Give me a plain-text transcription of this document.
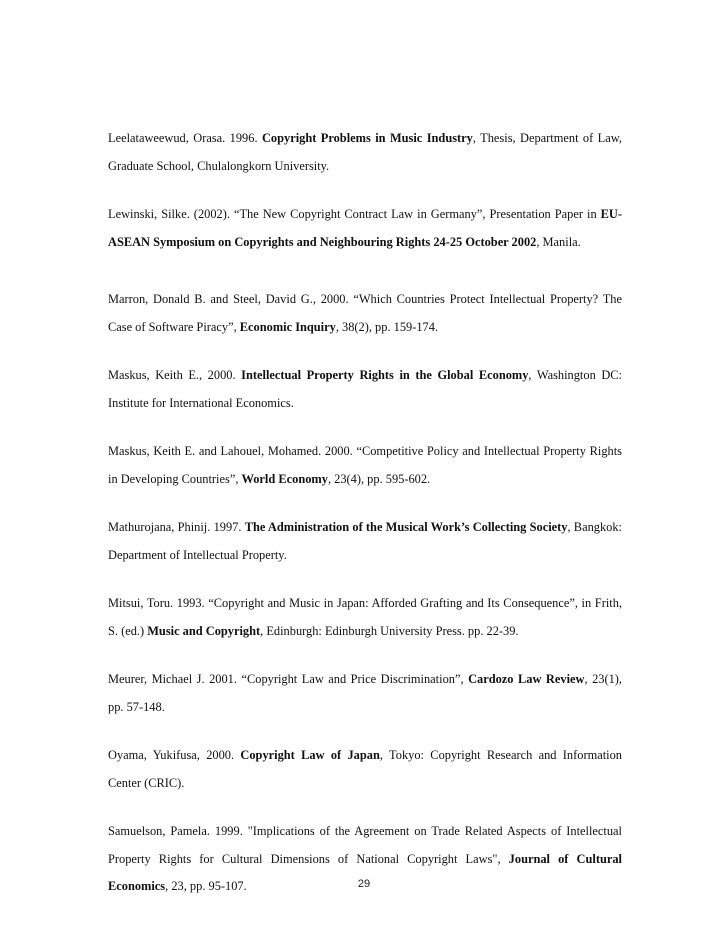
Leelataweewud, Orasa. 1996. Copyright Problems in Music Industry, Thesis, Department of Law, Graduate School, Chulalongkorn University.
Lewinski, Silke. (2002). “The New Copyright Contract Law in Germany”, Presentation Paper in EU-ASEAN Symposium on Copyrights and Neighbouring Rights 24-25 October 2002, Manila.
Marron, Donald B. and Steel, David G., 2000. “Which Countries Protect Intellectual Property? The Case of Software Piracy”, Economic Inquiry, 38(2), pp. 159-174.
Maskus, Keith E., 2000. Intellectual Property Rights in the Global Economy, Washington DC: Institute for International Economics.
Maskus, Keith E. and Lahouel, Mohamed. 2000. “Competitive Policy and Intellectual Property Rights in Developing Countries”, World Economy, 23(4), pp. 595-602.
Mathurojana, Phinij. 1997. The Administration of the Musical Work’s Collecting Society, Bangkok: Department of Intellectual Property.
Mitsui, Toru. 1993. “Copyright and Music in Japan: Afforded Grafting and Its Consequence”, in Frith, S. (ed.) Music and Copyright, Edinburgh: Edinburgh University Press. pp. 22-39.
Meurer, Michael J. 2001. “Copyright Law and Price Discrimination”, Cardozo Law Review, 23(1), pp. 57-148.
Oyama, Yukifusa, 2000. Copyright Law of Japan, Tokyo: Copyright Research and Information Center (CRIC).
Samuelson, Pamela. 1999. "Implications of the Agreement on Trade Related Aspects of Intellectual Property Rights for Cultural Dimensions of National Copyright Laws", Journal of Cultural Economics, 23, pp. 95-107.	29
